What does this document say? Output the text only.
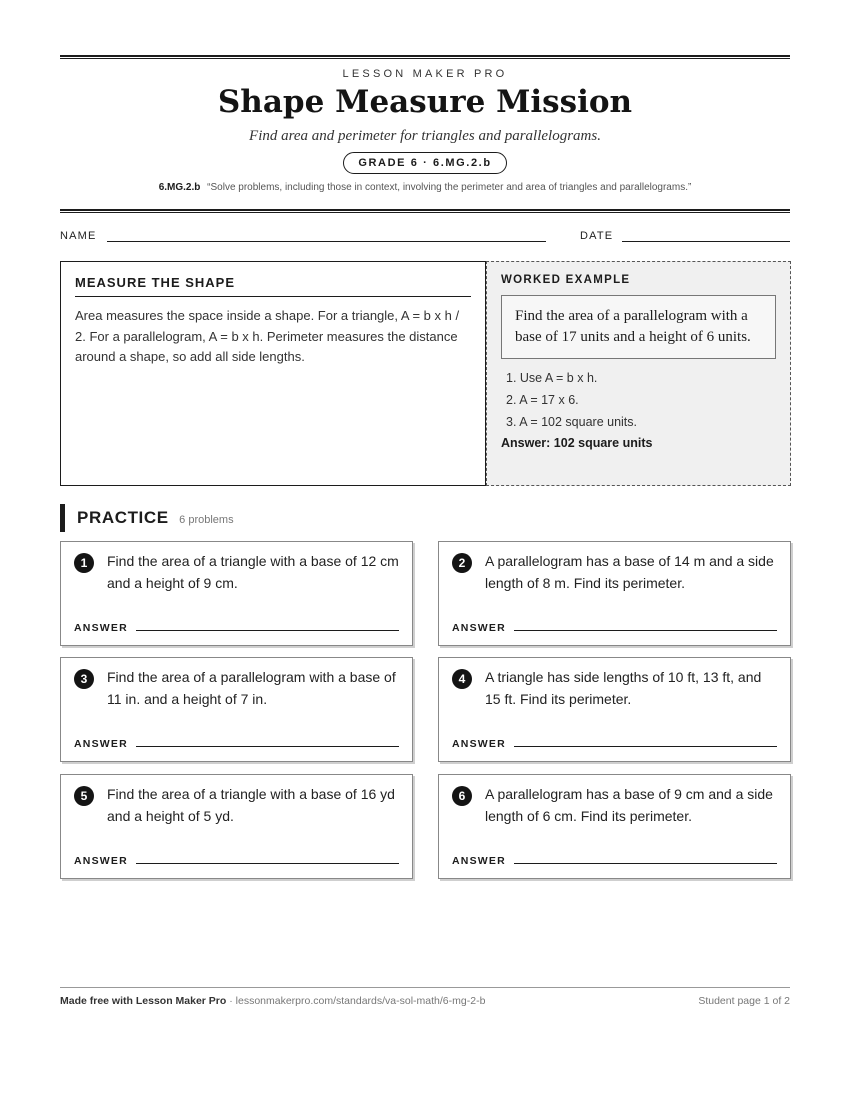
LESSON MAKER PRO
Shape Measure Mission
Find area and perimeter for triangles and parallelograms.
GRADE 6 · 6.MG.2.b
6.MG.2.b “Solve problems, including those in context, involving the perimeter and area of triangles and parallelograms.”
NAME	DATE
MEASURE THE SHAPE
Area measures the space inside a shape. For a triangle, A = b x h / 2. For a parallelogram, A = b x h. Perimeter measures the distance around a shape, so add all side lengths.
WORKED EXAMPLE
Find the area of a parallelogram with a base of 17 units and a height of 6 units.
1. Use A = b x h.
2. A = 17 x 6.
3. A = 102 square units.
Answer: 102 square units
PRACTICE 6 problems
1	Find the area of a triangle with a base of 12 cm and a height of 9 cm.
ANSWER
2	A parallelogram has a base of 14 m and a side length of 8 m. Find its perimeter.
ANSWER
3	Find the area of a parallelogram with a base of 11 in. and a height of 7 in.
ANSWER
4	A triangle has side lengths of 10 ft, 13 ft, and 15 ft. Find its perimeter.
ANSWER
5	Find the area of a triangle with a base of 16 yd and a height of 5 yd.
ANSWER
6	A parallelogram has a base of 9 cm and a side length of 6 cm. Find its perimeter.
ANSWER
Made free with Lesson Maker Pro · lessonmakerpro.com/standards/va-sol-math/6-mg-2-b	Student page 1 of 2
